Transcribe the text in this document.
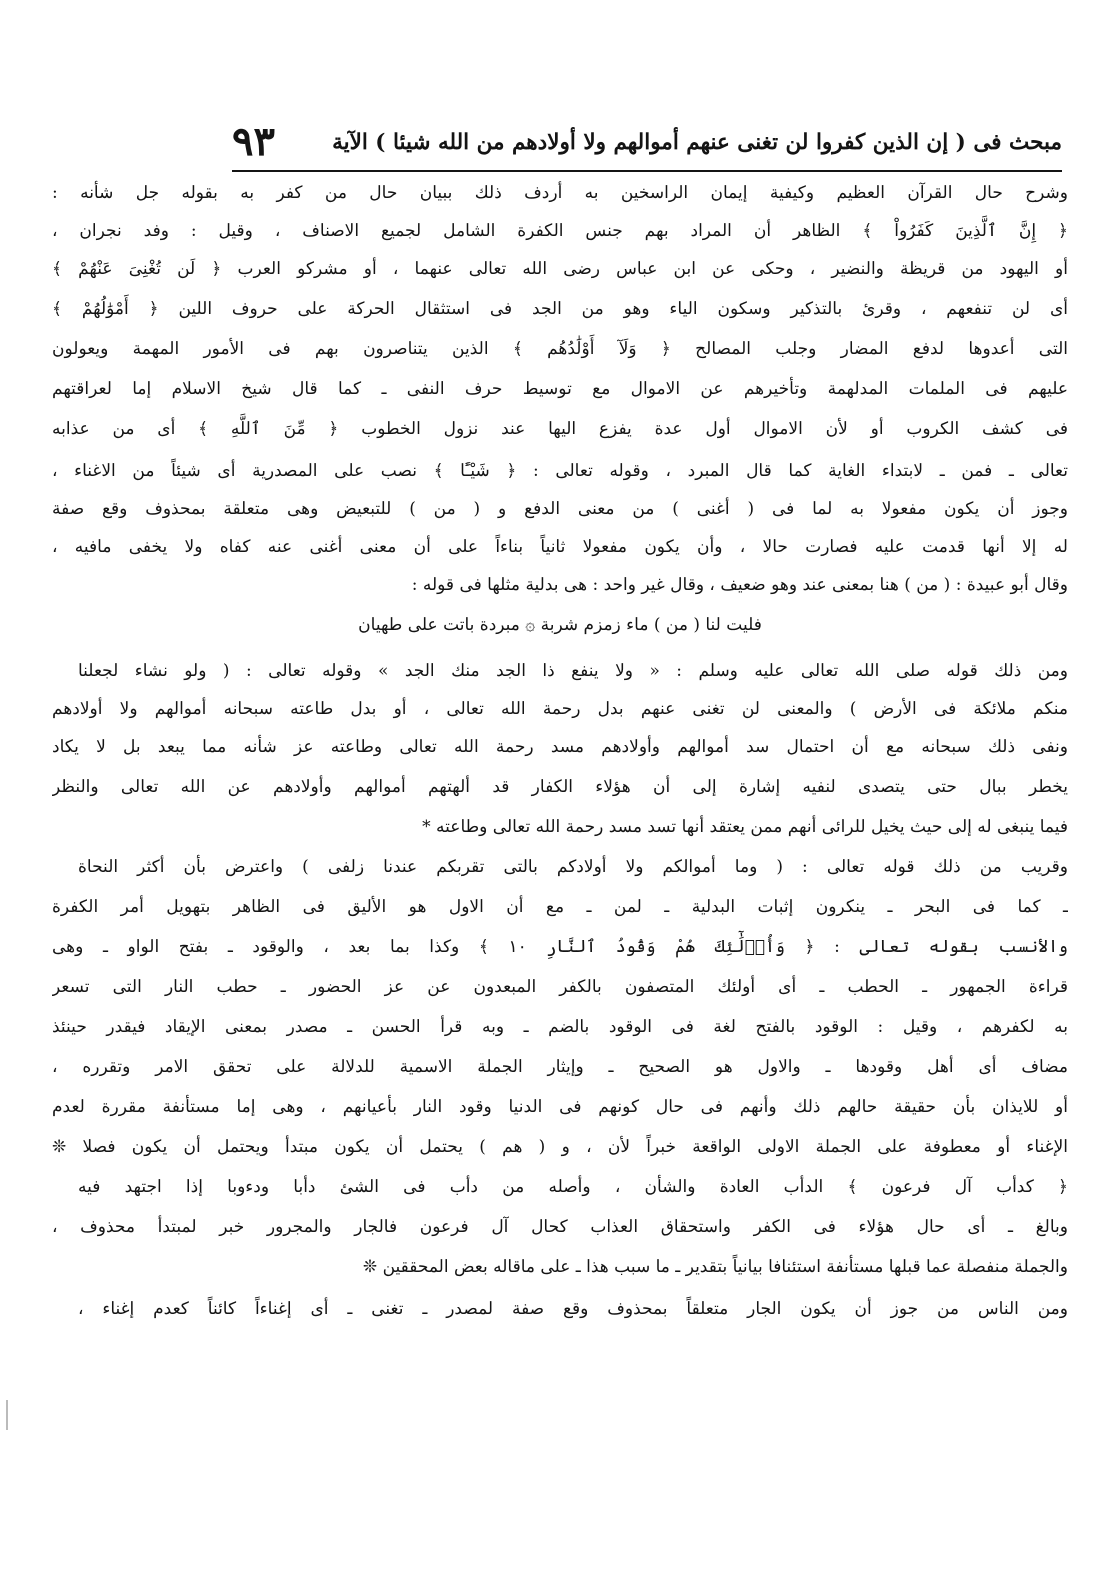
٩٣	مبحث فى ( إن الذين كفروا لن تغنى عنهم أموالهم ولا أولادهم من الله شيئا ) الآية
وشرح حال القرآن العظيم وكيفية إيمان الراسخين به أردف ذلك ببيان حال من كفر به بقوله جل شأنه :
﴿ إِنَّ ٱلَّذِينَ كَفَرُواْ ﴾ الظاهر أن المراد بهم جنس الكفرة الشامل لجميع الاصناف ، وقيل : وفد نجران ،
أو اليهود من قريظة والنضير ، وحكى عن ابن عباس رضى الله تعالى عنهما ، أو مشركو العرب ﴿ لَن تُغْنِىَ عَنْهُمْ ﴾
أى لن تنفعهم ، وقرئ بالتذكير وسكون الياء وهو من الجد فى استثقال الحركة على حروف اللين ﴿ أَمْوَٰلُهُمْ ﴾
التى أعدوها لدفع المضار وجلب المصالح ﴿ وَلَآ أَوْلَٰدُهُم ﴾ الذين يتناصرون بهم فى الأمور المهمة ويعولون
عليهم فى الملمات المدلهمة وتأخيرهم عن الاموال مع توسيط حرف النفى ـ كما قال شيخ الاسلام إما لعراقتهم
فى كشف الكروب أو لأن الاموال أول عدة يفزع اليها عند نزول الخطوب ﴿ مِّنَ ٱللَّهِ ﴾ أى من عذابه
تعالى ـ فمن ـ لابتداء الغاية كما قال المبرد ، وقوله تعالى : ﴿ شَيْـًٔا ﴾ نصب على المصدرية أى شيئاً من الاغناء ،
وجوز أن يكون مفعولا به لما فى ( أغنى ) من معنى الدفع و ( من ) للتبعيض وهى متعلقة بمحذوف وقع صفة
له إلا أنها قدمت عليه فصارت حالا ، وأن يكون مفعولا ثانياً بناءاً على أن معنى أغنى عنه كفاه ولا يخفى مافيه ،
وقال أبو عبيدة : ( من ) هنا بمعنى عند وهو ضعيف ، وقال غير واحد : هى بدلية مثلها فى قوله :
فليت لنا ( من ) ماء زمزم شربة ۞ مبردة باتت على طهيان
ومن ذلك قوله صلى الله تعالى عليه وسلم : « ولا ينفع ذا الجد منك الجد » وقوله تعالى : ( ولو نشاء لجعلنا
منكم ملائكة فى الأرض ) والمعنى لن تغنى عنهم بدل رحمة الله تعالى ، أو بدل طاعته سبحانه أموالهم ولا أولادهم
ونفى ذلك سبحانه مع أن احتمال سد أموالهم وأولادهم مسد رحمة الله تعالى وطاعته عز شأنه مما يبعد بل لا يكاد
يخطر ببال حتى يتصدى لنفيه إشارة إلى أن هؤلاء الكفار قد ألهتهم أموالهم وأولادهم عن الله تعالى والنظر
فيما ينبغى له إلى حيث يخيل للرائى أنهم ممن يعتقد أنها تسد مسد رحمة الله تعالى وطاعته *
وقريب من ذلك قوله تعالى : ( وما أموالكم ولا أولادكم بالتى تقربكم عندنا زلفى ) واعترض بأن أكثر النحاة
ـ كما فى البحر ـ ينكرون إثبات البدلية ـ لمن ـ مع أن الاول هو الأليق فى الظاهر بتهويل أمر الكفرة
والأنسب بقوله تعالى : ﴿ وَأُو۟لَٰٓئِكَ هُمْ وَقُودُ ٱلنَّارِ ١٠ ﴾ وكذا بما بعد ، والوقود ـ بفتح الواو ـ وهى
قراءة الجمهور ـ الحطب ـ أى أولئك المتصفون بالكفر المبعدون عن عز الحضور ـ حطب النار التى تسعر
به لكفرهم ، وقيل : الوقود بالفتح لغة فى الوقود بالضم ـ وبه قرأ الحسن ـ مصدر بمعنى الإيقاد فيقدر حينئذ
مضاف أى أهل وقودها ـ والاول هو الصحيح ـ وإيثار الجملة الاسمية للدلالة على تحقق الامر وتقرره ،
أو للايذان بأن حقيقة حالهم ذلك وأنهم فى حال كونهم فى الدنيا وقود النار بأعيانهم ، وهى إما مستأنفة مقررة لعدم
الإغناء أو معطوفة على الجملة الاولى الواقعة خبراً لأن ، و ( هم ) يحتمل أن يكون مبتدأ ويحتمل أن يكون فصلا ❊
﴿ كدأب آل فرعون ﴾ الدأب العادة والشأن ، وأصله من دأب فى الشئ دأبا ودءوبا إذا اجتهد فيه
وبالغ ـ أى حال هؤلاء فى الكفر واستحقاق العذاب كحال آل فرعون فالجار والمجرور خبر لمبتدأ محذوف ،
والجملة منفصلة عما قبلها مستأنفة استئنافا بيانياً بتقدير ـ ما سبب هذا ـ على ماقاله بعض المحققين ❊
ومن الناس من جوز أن يكون الجار متعلقاً بمحذوف وقع صفة لمصدر ـ تغنى ـ أى إغناءاً كائناً كعدم إغناء ،
